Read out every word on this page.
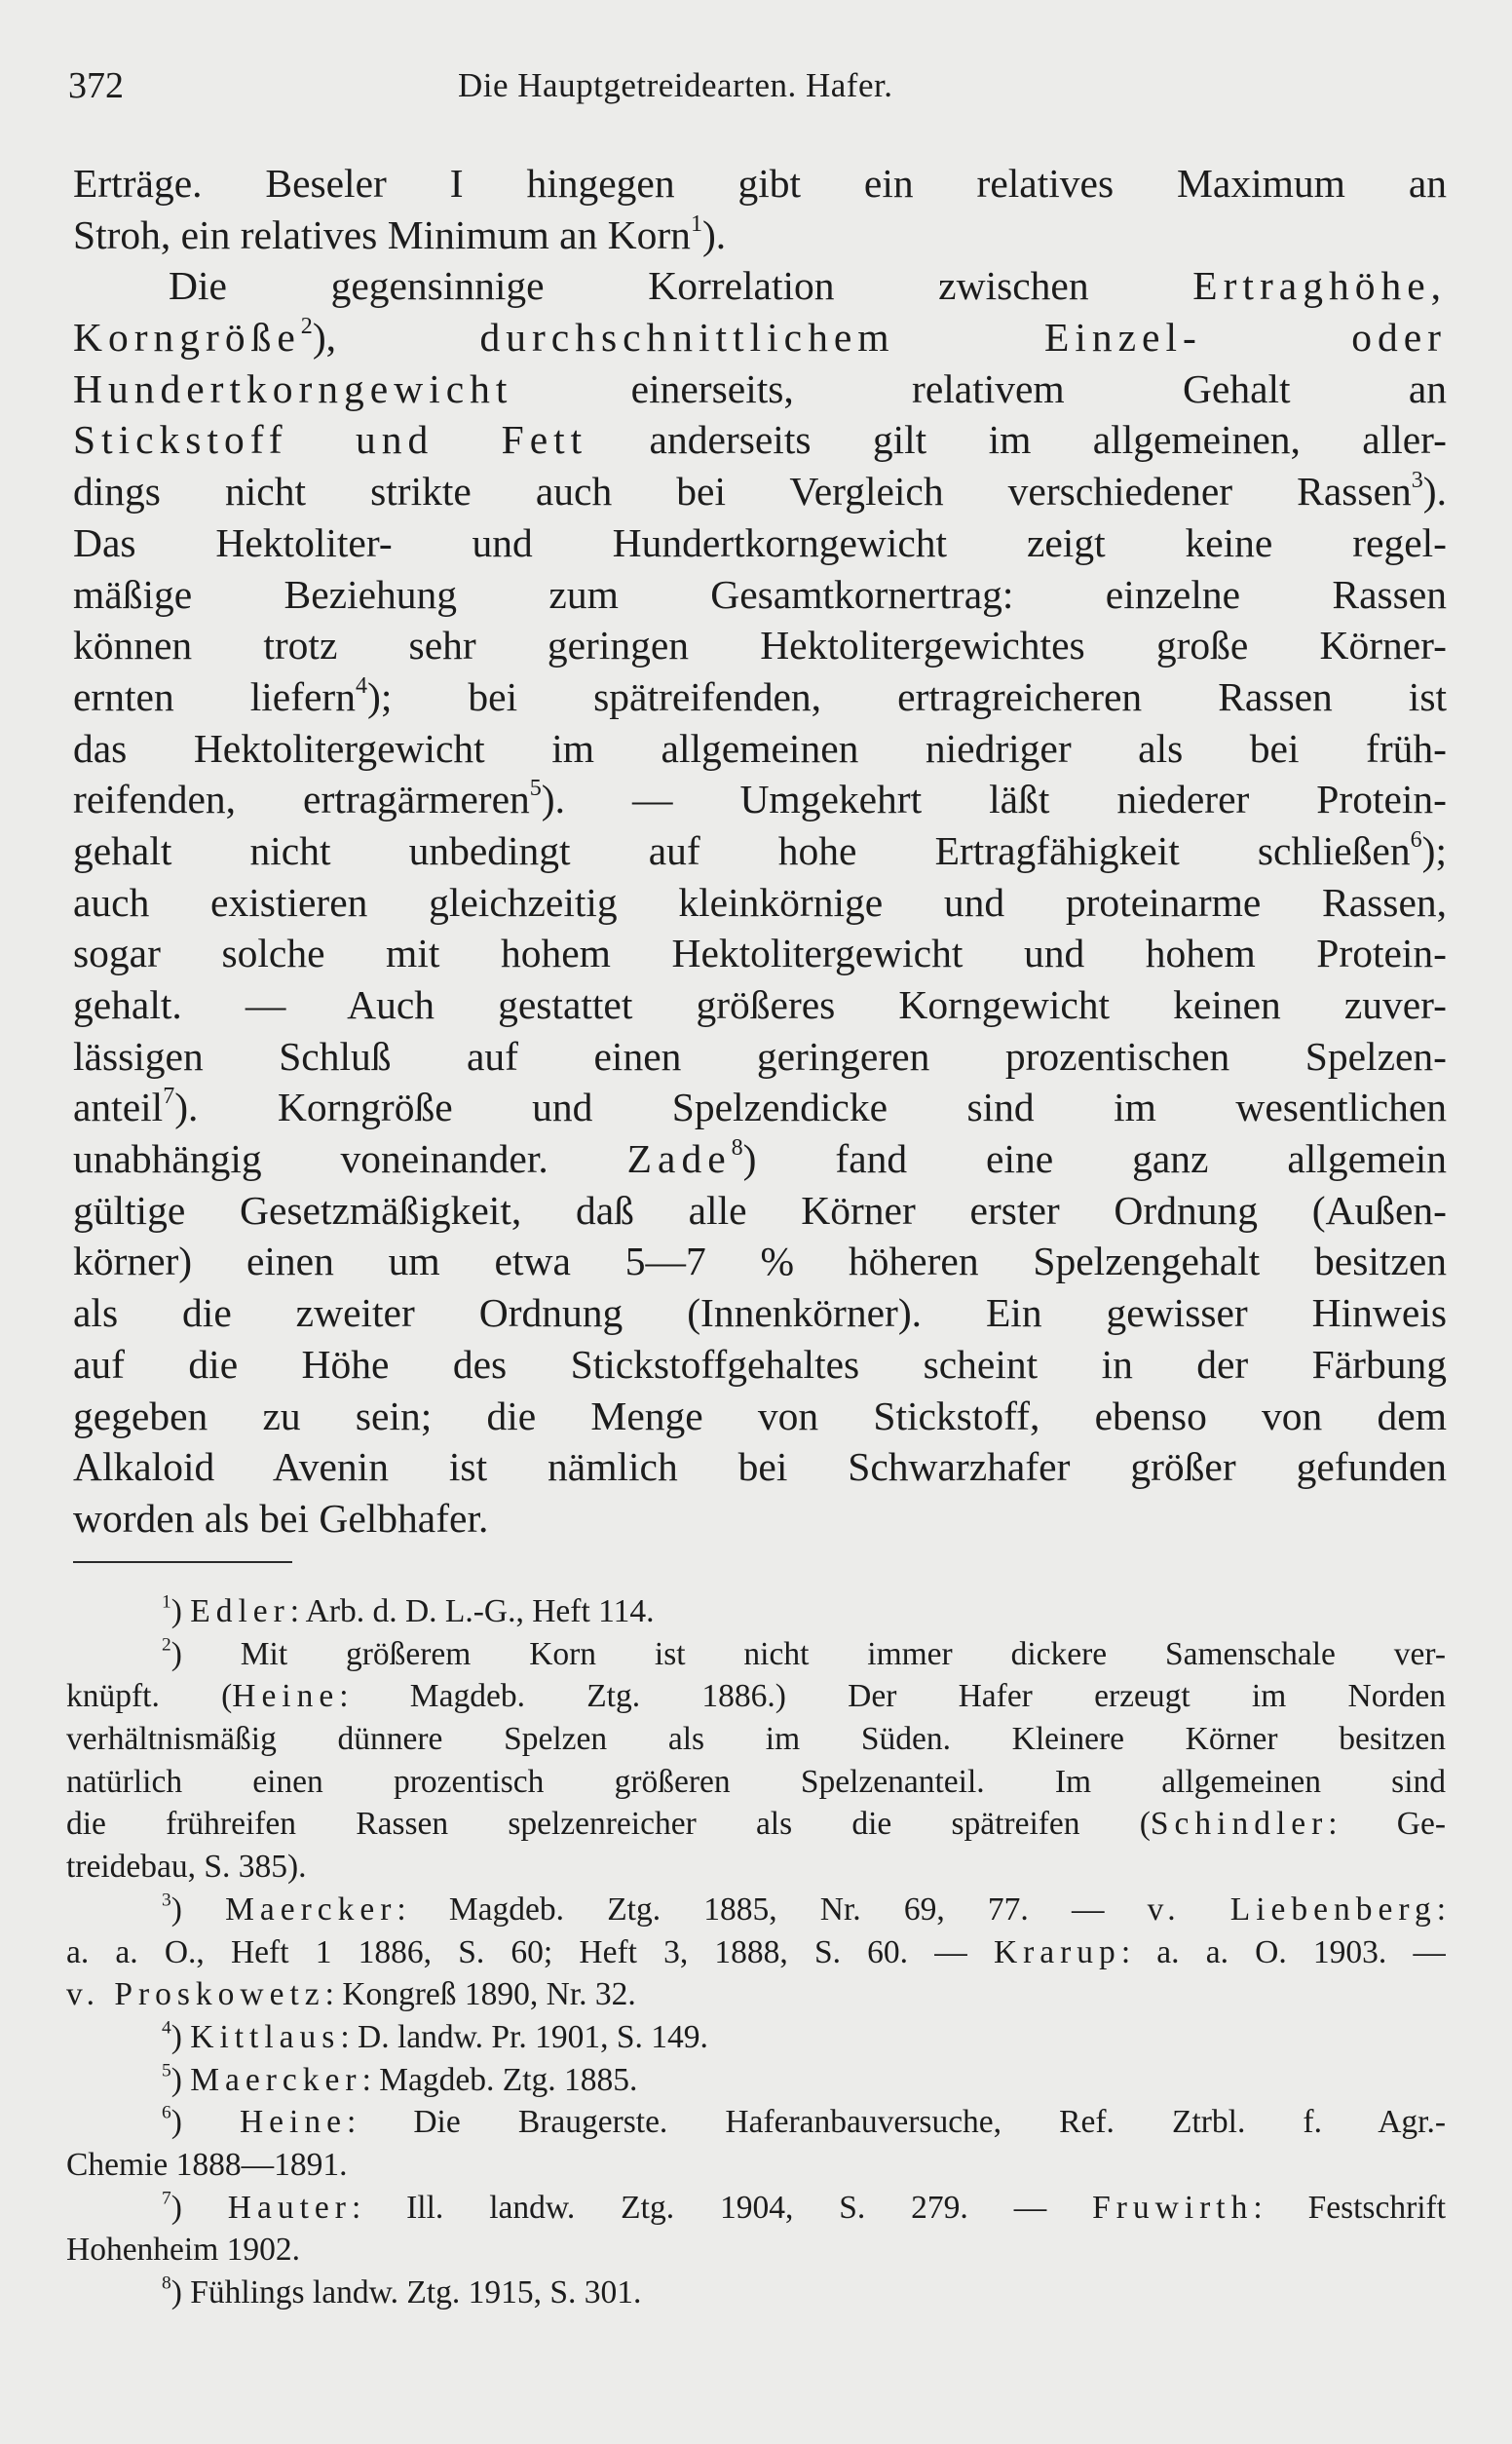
372	Die Hauptgetreidearten. Hafer.
Erträge. Beseler I hingegen gibt ein relatives Maximum an
Stroh, ein relatives Minimum an Korn$^1$).
Die gegensinnige Korrelation zwischen Ertraghöhe,
Korngröße$^2$), durchschnittlichem Einzel- oder
Hundertkorngewicht einerseits, relativem Gehalt an
Stickstoff und Fett anderseits gilt im allgemeinen, aller-
dings nicht strikte auch bei Vergleich verschiedener Rassen$^3$).
Das Hektoliter- und Hundertkorngewicht zeigt keine regel-
mäßige Beziehung zum Gesamtkornertrag: einzelne Rassen
können trotz sehr geringen Hektolitergewichtes große Körner-
ernten liefern$^4$); bei spätreifenden, ertragreicheren Rassen ist
das Hektolitergewicht im allgemeinen niedriger als bei früh-
reifenden, ertragärmeren$^5$). — Umgekehrt läßt niederer Protein-
gehalt nicht unbedingt auf hohe Ertragfähigkeit schließen$^6$);
auch existieren gleichzeitig kleinkörnige und proteinarme Rassen,
sogar solche mit hohem Hektolitergewicht und hohem Protein-
gehalt. — Auch gestattet größeres Korngewicht keinen zuver-
lässigen Schluß auf einen geringeren prozentischen Spelzen-
anteil$^7$). Korngröße und Spelzendicke sind im wesentlichen
unabhängig voneinander. Zade$^8$) fand eine ganz allgemein
gültige Gesetzmäßigkeit, daß alle Körner erster Ordnung (Außen-
körner) einen um etwa 5—7 % höheren Spelzengehalt besitzen
als die zweiter Ordnung (Innenkörner). Ein gewisser Hinweis
auf die Höhe des Stickstoffgehaltes scheint in der Färbung
gegeben zu sein; die Menge von Stickstoff, ebenso von dem
Alkaloid Avenin ist nämlich bei Schwarzhafer größer gefunden
worden als bei Gelbhafer.
$^1$) Edler: Arb. d. D. L.-G., Heft 114.
$^2$) Mit größerem Korn ist nicht immer dickere Samenschale ver-
knüpft. (Heine: Magdeb. Ztg. 1886.) Der Hafer erzeugt im Norden
verhältnismäßig dünnere Spelzen als im Süden. Kleinere Körner besitzen
natürlich einen prozentisch größeren Spelzenanteil. Im allgemeinen sind
die frühreifen Rassen spelzenreicher als die spätreifen (Schindler: Ge-
treidebau, S. 385).
$^3$) Maercker: Magdeb. Ztg. 1885, Nr. 69, 77. — v. Liebenberg:
a. a. O., Heft 1 1886, S. 60; Heft 3, 1888, S. 60. — Krarup: a. a. O. 1903. —
v. Proskowetz: Kongreß 1890, Nr. 32.
$^4$) Kittlaus: D. landw. Pr. 1901, S. 149.
$^5$) Maercker: Magdeb. Ztg. 1885.
$^6$) Heine: Die Braugerste. Haferanbauversuche, Ref. Ztrbl. f. Agr.-
Chemie 1888—1891.
$^7$) Hauter: Ill. landw. Ztg. 1904, S. 279. — Fruwirth: Festschrift
Hohenheim 1902.
$^8$) Fühlings landw. Ztg. 1915, S. 301.
